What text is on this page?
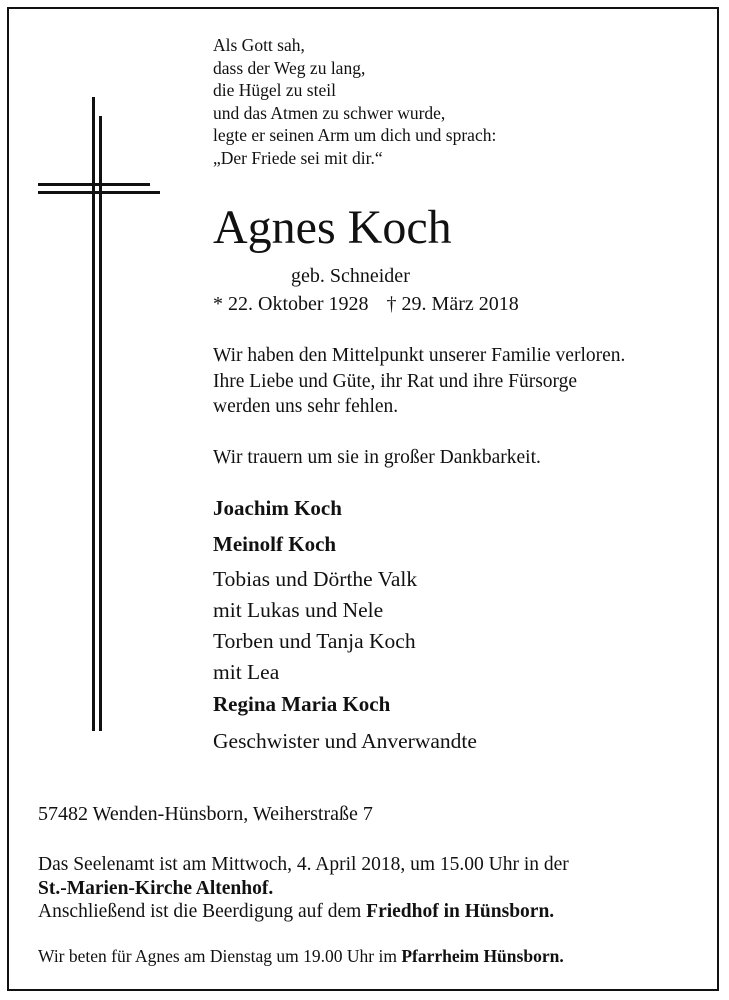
Als Gott sah,
dass der Weg zu lang,
die Hügel zu steil
und das Atmen zu schwer wurde,
legte er seinen Arm um dich und sprach:
„Der Friede sei mit dir.“
Agnes Koch
geb. Schneider
* 22. Oktober 1928 † 29. März 2018
Wir haben den Mittelpunkt unserer Familie verloren.
Ihre Liebe und Güte, ihr Rat und ihre Fürsorge
werden uns sehr fehlen.
Wir trauern um sie in großer Dankbarkeit.
Joachim Koch
Meinolf Koch
Tobias und Dörthe Valk
mit Lukas und Nele
Torben und Tanja Koch
mit Lea
Regina Maria Koch
Geschwister und Anverwandte
57482 Wenden-Hünsborn, Weiherstraße 7
Das Seelenamt ist am Mittwoch, 4. April 2018, um 15.00 Uhr in der
St.-Marien-Kirche Altenhof.
Anschließend ist die Beerdigung auf dem Friedhof in Hünsborn.
Wir beten für Agnes am Dienstag um 19.00 Uhr im Pfarrheim Hünsborn.
